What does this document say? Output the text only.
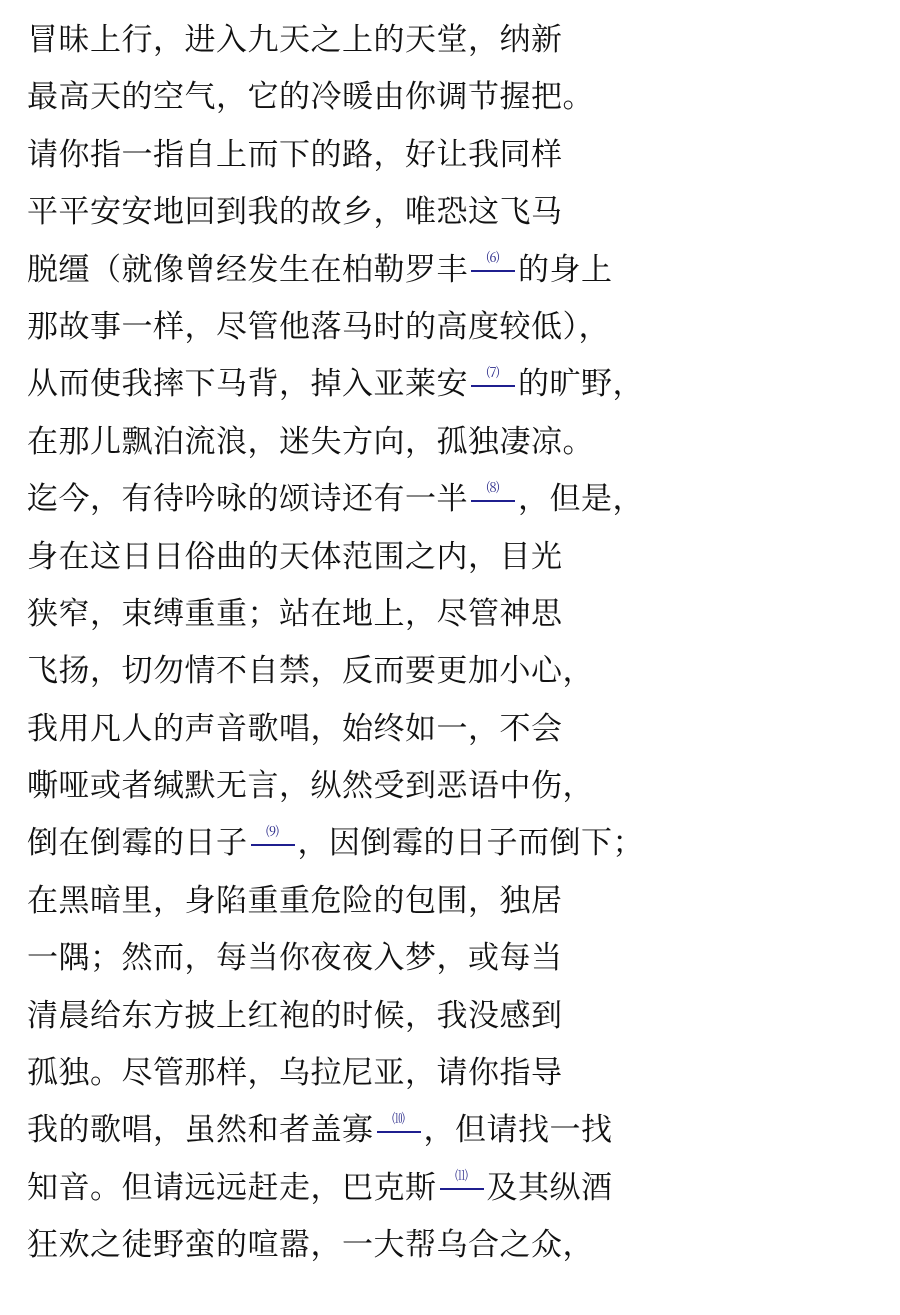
冒昧上行，进入九天之上的天堂，纳新
最高天的空气，它的冷暖由你调节握把。
请你指一指自上而下的路，好让我同样
平平安安地回到我的故乡，唯恐这飞马
脱缰（就像曾经发生在柏勒罗丰	⑹ 的身上
那故事一样，尽管他落马时的高度较低），
从而使我摔下马背，掉入亚莱安	⑺ 的旷野，
在那儿飘泊流浪，迷失方向，孤独凄凉。
迄今，有待吟咏的颂诗还有一半	⑻ ，但是，
身在这日日俗曲的天体范围之内，目光
狭窄，束缚重重；站在地上，尽管神思
飞扬，切勿情不自禁，反而要更加小心，
我用凡人的声音歌唱，始终如一，不会
嘶哑或者缄默无言，纵然受到恶语中伤，
倒在倒霉的日子	⑼ ，因倒霉的日子而倒下；
在黑暗里，身陷重重危险的包围，独居
一隅；然而，每当你夜夜入梦，或每当
清晨给东方披上红袍的时候，我没感到
孤独。尽管那样，乌拉尼亚，请你指导
我的歌唱，虽然和者盖寡	⑽ ，但请找一找
知音。但请远远赶走，巴克斯	⑾ 及其纵酒
狂欢之徒野蛮的喧嚣，一大帮乌合之众，
